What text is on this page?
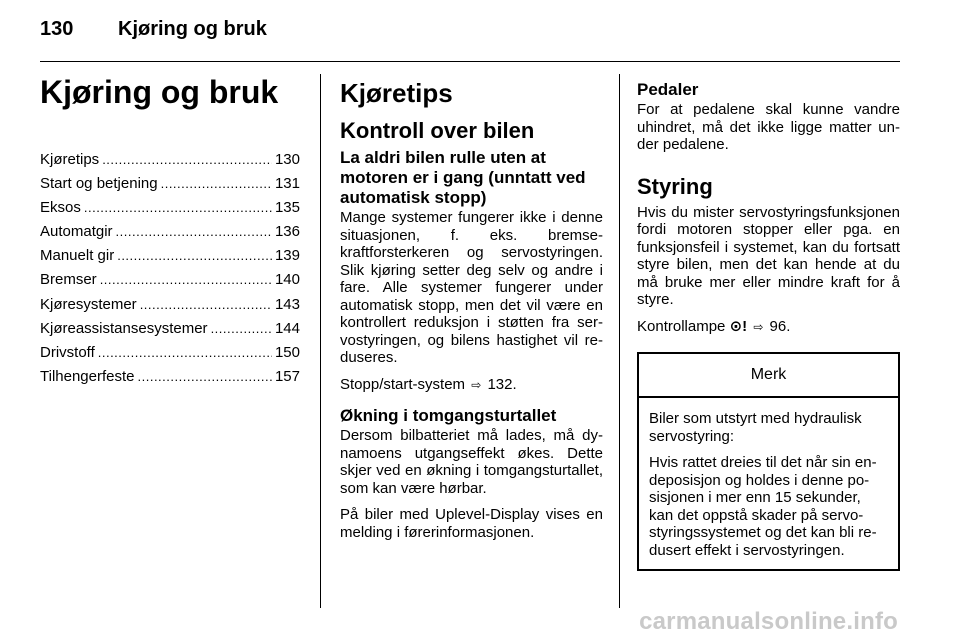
130 Kjøring og bruk
Kjøring og bruk
Kjøretips .....	130
Start og betjening .....	131
Eksos .....	135
Automatgir .....	136
Manuelt gir .....	139
Bremser .....	140
Kjøresystemer .....	143
Kjøreassistansesystemer .....	144
Drivstoff .....	150
Tilhengerfeste .....	157
Kjøretips
Kontroll over bilen
La aldri bilen rulle uten at motoren er i gang (unntatt ved automatisk stopp)

Mange systemer fungerer ikke i denne situasjonen, f. eks. bremsekraftforsterkeren og servostyringen. Slik kjøring setter deg selv og andre i fare. Alle systemer fungerer under automatisk stopp, men det vil være en kontrollert reduksjon i støtten fra servostyringen, og bilens hastighet vil reduseres.

Stopp/start-system ⇨ 132.

Økning i tomgangsturtallet

Dersom bilbatteriet må lades, må dynamoens utgangseffekt økes. Dette skjer ved en økning i tomgangsturtallet, som kan være hørbar.

På biler med Uplevel-Display vises en melding i førerinformasjonen.

Pedaler

For at pedalene skal kunne vandre uhindret, må det ikke ligge matter under pedalene.

Styring

Hvis du mister servostyringsfunksjonen fordi motoren stopper eller pga. en funksjonsfeil i systemet, kan du fortsatt styre bilen, men det kan hende at du må bruke mer eller mindre kraft for å styre.

Kontrollampe ⊙! ⇨ 96.

Merk

Biler som utstyrt med hydraulisk servostyring:

Hvis rattet dreies til det når sin endeposisjon og holdes i denne posisjonen i mer enn 15 sekunder, kan det oppstå skader på servostyringssystemet og det kan bli redusert effekt i servostyringen.

carmanualsonline.info
